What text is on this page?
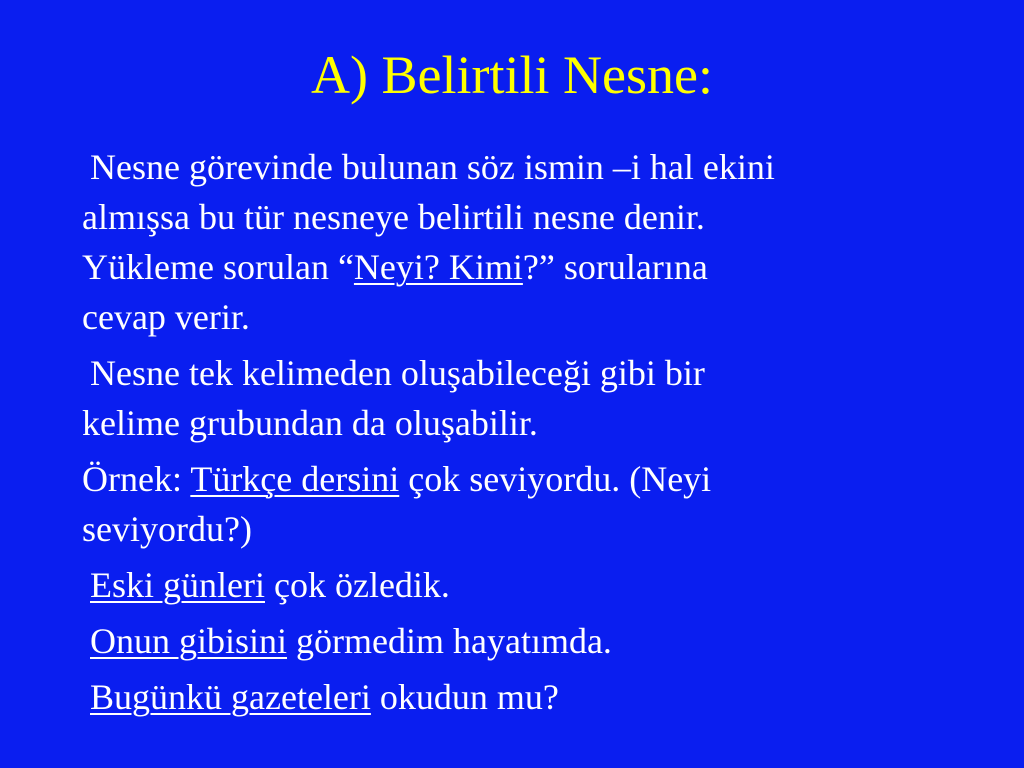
A) Belirtili Nesne:
Nesne görevinde bulunan söz ismin –i hal ekini
almışsa bu tür nesneye belirtili nesne denir.
Yükleme sorulan “Neyi? Kimi?” sorularına
cevap verir.
Nesne tek kelimeden oluşabileceği gibi bir
kelime grubundan da oluşabilir.
Örnek: Türkçe dersini çok seviyordu. (Neyi
seviyordu?)
Eski günleri çok özledik.
Onun gibisini görmedim hayatımda.
Bugünkü gazeteleri okudun mu?
